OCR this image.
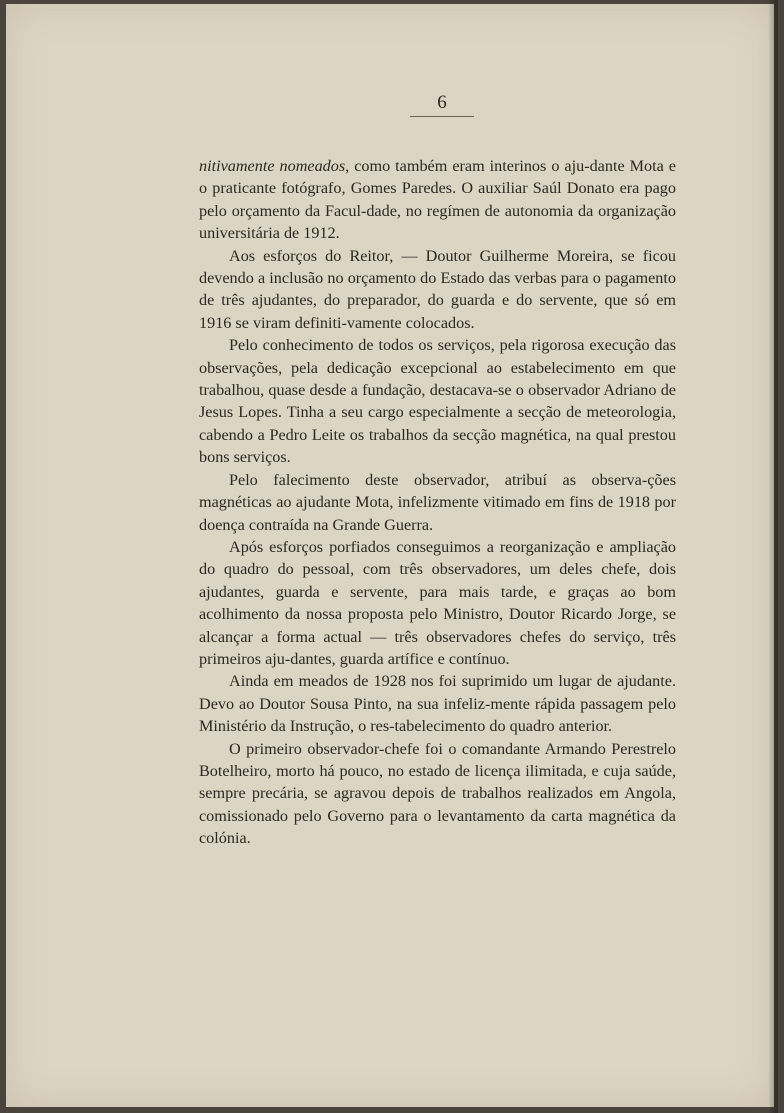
6

nitivamente nomeados, como também eram interinos o aju-dante Mota e o praticante fotógrafo, Gomes Paredes. O auxiliar Saúl Donato era pago pelo orçamento da Facul-dade, no regímen de autonomia da organização universitária de 1912.

Aos esforços do Reitor, — Doutor Guilherme Moreira, se ficou devendo a inclusão no orçamento do Estado das verbas para o pagamento de três ajudantes, do preparador, do guarda e do servente, que só em 1916 se viram definiti-vamente colocados.

Pelo conhecimento de todos os serviços, pela rigorosa execução das observações, pela dedicação excepcional ao estabelecimento em que trabalhou, quase desde a fundação, destacava-se o observador Adriano de Jesus Lopes. Tinha a seu cargo especialmente a secção de meteorologia, cabendo a Pedro Leite os trabalhos da secção magnética, na qual prestou bons serviços.

Pelo falecimento deste observador, atribuí as observa-ções magnéticas ao ajudante Mota, infelizmente vitimado em fins de 1918 por doença contraída na Grande Guerra.

Após esforços porfiados conseguimos a reorganização e ampliação do quadro do pessoal, com três observadores, um deles chefe, dois ajudantes, guarda e servente, para mais tarde, e graças ao bom acolhimento da nossa proposta pelo Ministro, Doutor Ricardo Jorge, se alcançar a forma actual — três observadores chefes do serviço, três primeiros aju-dantes, guarda artífice e contínuo.

Ainda em meados de 1928 nos foi suprimido um lugar de ajudante. Devo ao Doutor Sousa Pinto, na sua infeliz-mente rápida passagem pelo Ministério da Instrução, o res-tabelecimento do quadro anterior.

O primeiro observador-chefe foi o comandante Armando Perestrelo Botelheiro, morto há pouco, no estado de licença ilimitada, e cuja saúde, sempre precária, se agravou depois de trabalhos realizados em Angola, comissionado pelo Governo para o levantamento da carta magnética da colónia.
